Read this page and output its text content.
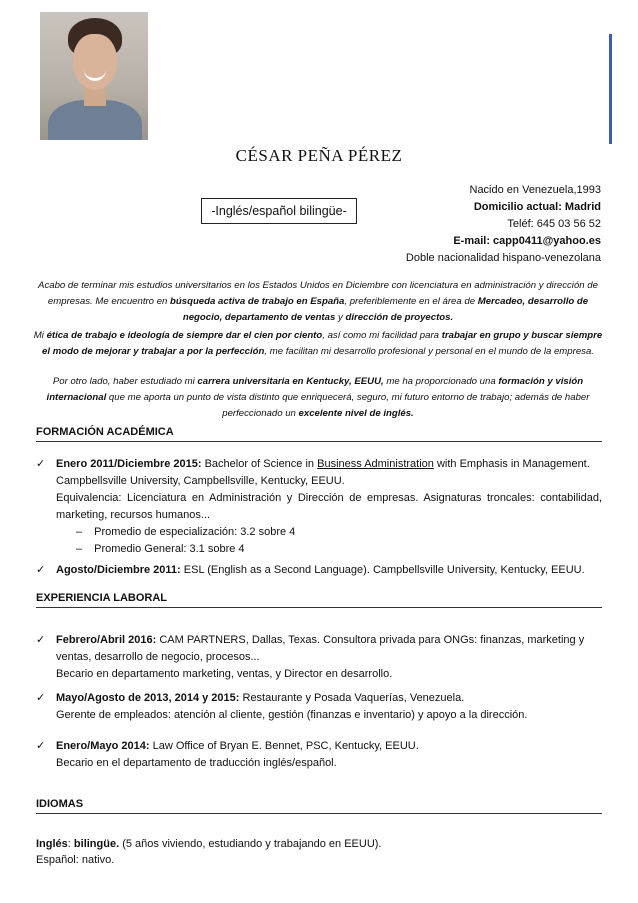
CÉSAR PEÑA PÉREZ
-Inglés/español bilingüe-
Nacido en Venezuela,1993
Domicilio actual: Madrid
Teléf: 645 03 56 52
E-mail: capp0411@yahoo.es
Doble nacionalidad hispano-venezolana
Acabo de terminar mis estudios universitarios en los Estados Unidos en Diciembre con licenciatura en administración y dirección de empresas. Me encuentro en búsqueda activa de trabajo en España, preferiblemente en el área de Mercadeo, desarrollo de negocio, departamento de ventas y dirección de proyectos.
Mi ética de trabajo e ideología de siempre dar el cien por ciento, así como mi facilidad para trabajar en grupo y buscar siempre el modo de mejorar y trabajar a por la perfección, me facilitan mi desarrollo profesional y personal en el mundo de la empresa.
Por otro lado, haber estudiado mi carrera universitaria en Kentucky, EEUU, me ha proporcionado una formación y visión internacional que me aporta un punto de vista distinto que enriquecerá, seguro, mi futuro entorno de trabajo; además de haber perfeccionado un excelente nivel de inglés.
FORMACIÓN ACADÉMICA
✓ Enero 2011/Diciembre 2015: Bachelor of Science in Business Administration with Emphasis in Management.
Campbellsville University, Campbellsville, Kentucky, EEUU.
Equivalencia: Licenciatura en Administración y Dirección de empresas. Asignaturas troncales: contabilidad, marketing, recursos humanos...
– Promedio de especialización: 3.2 sobre 4
– Promedio General: 3.1 sobre 4
✓ Agosto/Diciembre 2011: ESL (English as a Second Language). Campbellsville University, Kentucky, EEUU.
EXPERIENCIA LABORAL
✓ Febrero/Abril 2016: CAM PARTNERS, Dallas, Texas. Consultora privada para ONGs: finanzas, marketing y ventas, desarrollo de negocio, procesos...
Becario en departamento marketing, ventas, y Director en desarrollo.
✓ Mayo/Agosto de 2013, 2014 y 2015: Restaurante y Posada Vaquerías, Venezuela.
Gerente de empleados: atención al cliente, gestión (finanzas e inventario) y apoyo a la dirección.
✓ Enero/Mayo 2014: Law Office of Bryan E. Bennet, PSC, Kentucky, EEUU.
Becario en el departamento de traducción inglés/español.
IDIOMAS
Inglés: bilingüe. (5 años viviendo, estudiando y trabajando en EEUU).
Español: nativo.
